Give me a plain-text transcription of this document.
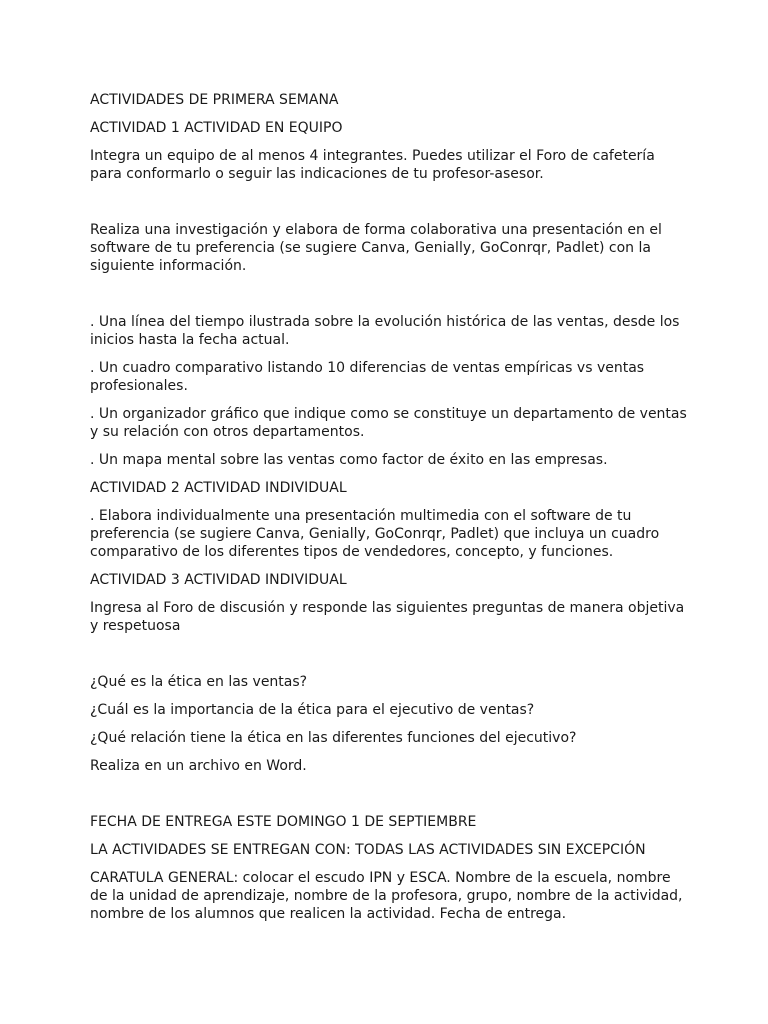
ACTIVIDADES DE PRIMERA SEMANA

ACTIVIDAD 1 ACTIVIDAD EN EQUIPO

Integra un equipo de al menos 4 integrantes. Puedes utilizar el Foro de cafetería para conformarlo o seguir las indicaciones de tu profesor-asesor.

Realiza una investigación y elabora de forma colaborativa una presentación en el software de tu preferencia (se sugiere Canva, Genially, GoConrqr, Padlet) con la siguiente información.

. Una línea del tiempo ilustrada sobre la evolución histórica de las ventas, desde los inicios hasta la fecha actual.

. Un cuadro comparativo listando 10 diferencias de ventas empíricas vs ventas profesionales.

. Un organizador gráfico que indique como se constituye un departamento de ventas y su relación con otros departamentos.

. Un mapa mental sobre las ventas como factor de éxito en las empresas.

ACTIVIDAD 2 ACTIVIDAD INDIVIDUAL

. Elabora individualmente una presentación multimedia con el software de tu preferencia (se sugiere Canva, Genially, GoConrqr, Padlet) que incluya un cuadro comparativo de los diferentes tipos de vendedores, concepto, y funciones.

ACTIVIDAD 3 ACTIVIDAD INDIVIDUAL

Ingresa al Foro de discusión y responde las siguientes preguntas de manera objetiva y respetuosa

¿Qué es la ética en las ventas?

¿Cuál es la importancia de la ética para el ejecutivo de ventas?

¿Qué relación tiene la ética en las diferentes funciones del ejecutivo?

Realiza en un archivo en Word.

FECHA DE ENTREGA ESTE DOMINGO 1 DE SEPTIEMBRE

LA ACTIVIDADES SE ENTREGAN CON: TODAS LAS ACTIVIDADES SIN EXCEPCIÓN

CARATULA GENERAL: colocar el escudo IPN y ESCA. Nombre de la escuela, nombre de la unidad de aprendizaje, nombre de la profesora, grupo, nombre de la actividad, nombre de los alumnos que realicen la actividad. Fecha de entrega.
